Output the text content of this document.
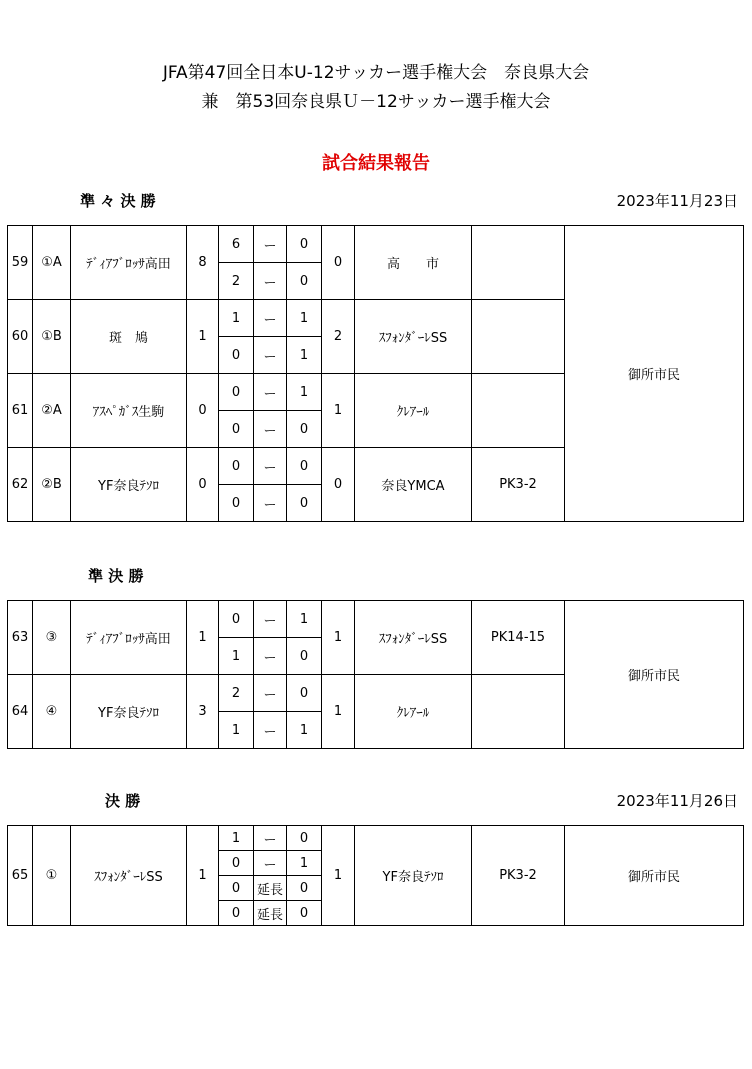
JFA第47回全日本U-12サッカー選手権大会　奈良県大会
兼　第53回奈良県Ｕ－12サッカー選手権大会
試合結果報告
準 々 決 勝	2023年11月23日
59	①A	ﾃﾞｨｱﾌﾞﾛｯｻ高田	8	6	ー	0	0	高　　市		御所市民
				2	ー	0				
60	①B	斑　鳩	1	1	ー	1	2	ｽﾌｫﾝﾀﾞｰﾚSS		
				0	ー	1				
61	②A	ｱｽﾍﾟｶﾞｽ生駒	0	0	ー	1	1	ｸﾚｱｰﾙ		
				0	ー	0				
62	②B	YF奈良ﾃｿﾛ	0	0	ー	0	0	奈良YMCA	PK3-2	
				0	ー	0				
準 決 勝
63	③	ﾃﾞｨｱﾌﾞﾛｯｻ高田	1	0	ー	1	1	ｽﾌｫﾝﾀﾞｰﾚSS	PK14-15	御所市民
				1	ー	0				
64	④	YF奈良ﾃｿﾛ	3	2	ー	0	1	ｸﾚｱｰﾙ		
				1	ー	1				
決 勝	2023年11月26日
65	①	ｽﾌｫﾝﾀﾞｰﾚSS	1	1	ー	0	1	YF奈良ﾃｿﾛ	PK3-2	御所市民
				0	ー	1				
				0	延長	0				
				0	延長	0				
